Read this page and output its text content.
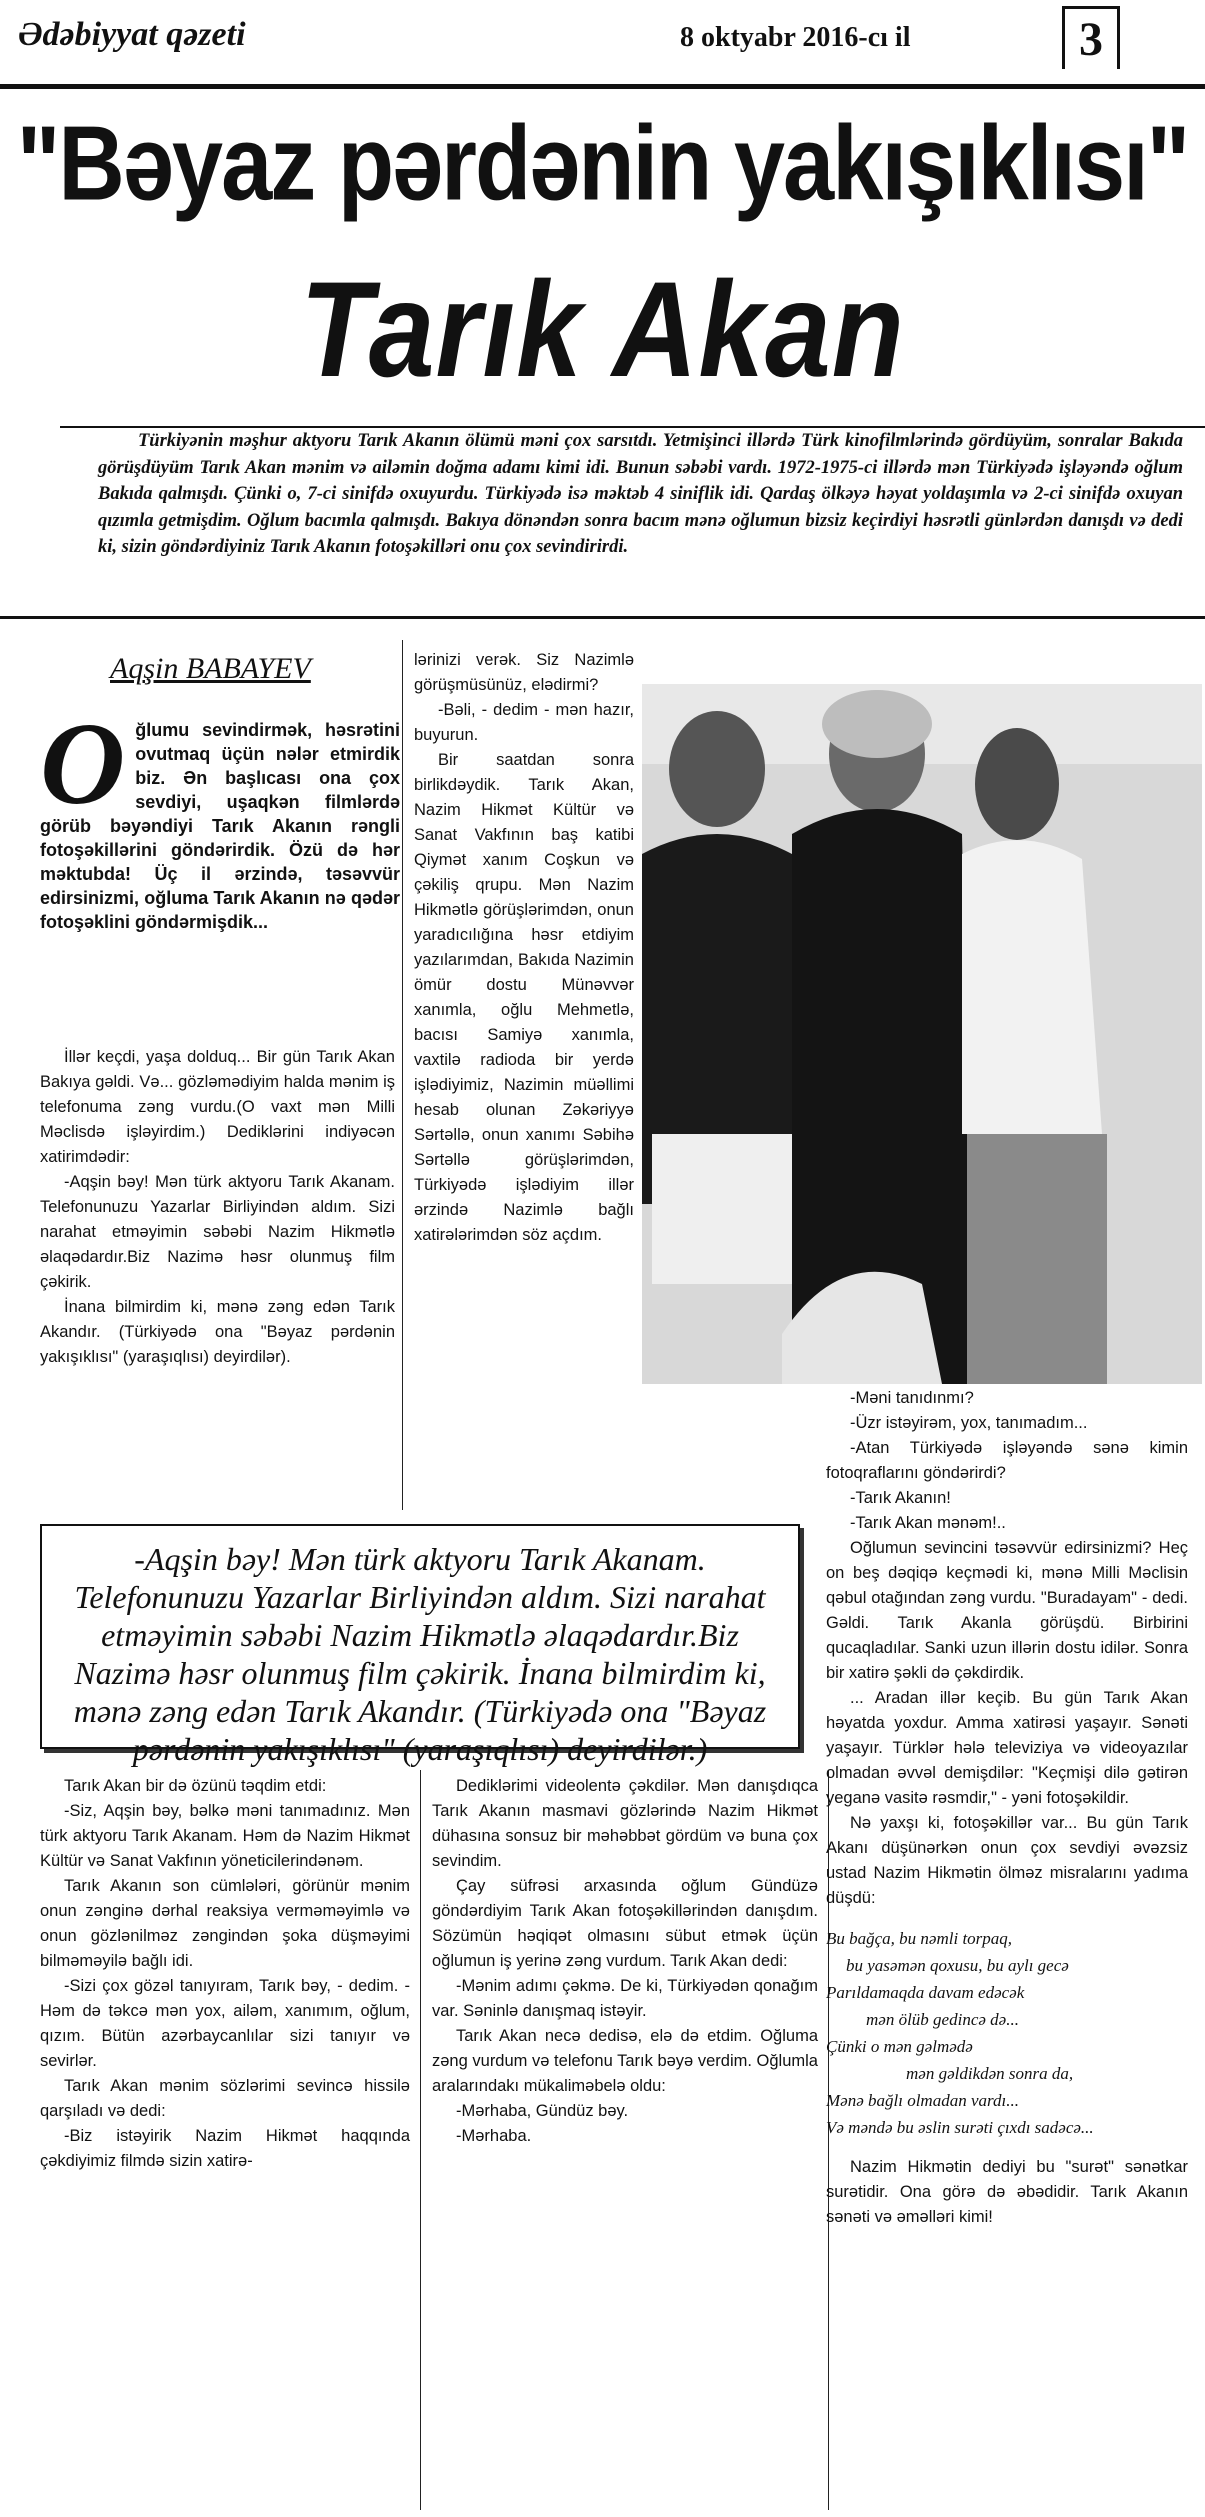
Ədəbiyyat qəzeti	8 oktyabr 2016-cı il	3
"Bəyaz pərdənin yakışıklısı"
Tarık Akan
Türkiyənin məşhur aktyoru Tarık Akanın ölümü məni çox sarsıtdı. Yetmişinci illərdə Türk kinofilmlərində gördüyüm, sonralar Bakıda görüşdüyüm Tarık Akan mənim və ailəmin doğma adamı kimi idi. Bunun səbəbi vardı. 1972-1975-ci illərdə mən Türkiyədə işləyəndə oğlum Bakıda qalmışdı. Çünki o, 7-ci sinifdə oxuyurdu. Türkiyədə isə məktəb 4 siniflik idi. Qardaş ölkəyə həyat yoldaşımla və 2-ci sinifdə oxuyan qızımla getmişdim. Oğlum bacımla qalmışdı. Bakıya dönəndən sonra bacım mənə oğlumun bizsiz keçirdiyi həsrətli günlərdən danışdı və dedi ki, sizin göndərdiyiniz Tarık Akanın fotoşəkilləri onu çox sevindirirdi.
Aqşin BABAYEV
Oğlumu sevindirmək, həsrətini ovutmaq üçün nələr etmirdik biz. Ən başlıcası ona çox sevdiyi, uşaqkən filmlərdə görüb bəyəndiyi Tarık Akanın rəngli fotoşəkillərini göndərirdik. Özü də hər məktubda! Üç il ərzində, təsəvvür edirsinizmi, oğluma Tarık Akanın nə qədər fotoşəklini göndərmişdik...

İllər keçdi, yaşa dolduq... Bir gün Tarık Akan Bakıya gəldi. Və... gözləmədiyim halda mənim iş telefonuma zəng vurdu.(O vaxt mən Milli Məclisdə işləyirdim.) Dediklərini indiyəcən xatirimdədir:

-Aqşin bəy! Mən türk aktyoru Tarık Akanam. Telefonunuzu Yazarlar Birliyindən aldım. Sizi narahat etməyimin səbəbi Nazim Hikmətlə əlaqədardır.Biz Nazimə həsr olunmuş film çəkirik.

İnana bilmirdim ki, mənə zəng edən Tarık Akandır. (Türkiyədə ona "Bəyaz pərdənin yakışıklısı" (yaraşıqlısı) deyirdilər).

lərinizi verək. Siz Nazimlə görüşmüsünüz, elədirmi?

-Bəli, - dedim - mən hazır, buyurun.

Bir saatdan sonra birlikdəydik. Tarık Akan, Nazim Hikmət Kültür və Sanat Vakfının baş katibi Qiymət xanım Coşkun və çəkiliş qrupu. Mən Nazim Hikmətlə görüşlərimdən, onun yaradıcılığına həsr etdiyim yazılarımdan, Bakıda Nazimin ömür dostu Münəvvər xanımla, oğlu Mehmetlə, bacısı Samiyə xanımla, vaxtilə radioda bir yerdə işlədiyimiz, Nazimin müəllimi hesab olunan Zəkəriyyə Sərtəllə, onun xanımı Səbihə Sərtəllə görüşlərimdən, Türkiyədə işlədiyim illər ərzində Nazimlə bağlı xatirələrimdən söz açdım.

-Məni tanıdınmı?

-Üzr istəyirəm, yox, tanımadım...

-Atan Türkiyədə işləyəndə sənə kimin fotoqraflarını göndərirdi?

-Tarık Akanın!

-Tarık Akan mənəm!..

Oğlumun sevincini təsəvvür edirsinizmi? Heç on beş dəqiqə keçmədi ki, mənə Milli Məclisin qəbul otağından zəng vurdu. "Buradayam" - dedi. Gəldi. Tarık Akanla görüşdü. Birbirini qucaqladılar. Sanki uzun illərin dostu idilər. Sonra bir xatirə şəkli də çəkdirdik.

... Aradan illər keçib. Bu gün Tarık Akan həyatda yoxdur. Amma xatirəsi yaşayır. Sənəti yaşayır. Türklər hələ televiziya və videoyazılar olmadan əvvəl demişdilər: "Keçmişi dilə gətirən yeganə vasitə rəsmdir," - yəni fotoşəkildir.

Nə yaxşı ki, fotoşəkillər var... Bu gün Tarık Akanı düşünərkən onun çox sevdiyi əvəzsiz ustad Nazim Hikmətin ölməz misralarını yadıma düşdü:

Bu bağça, bu nəmli torpaq,
bu yasəmən qoxusu, bu aylı gecə
Parıldamaqda davam edəcək
mən ölüb gedincə də...
Çünki o mən gəlmədə
mən gəldikdən sonra da,
Mənə bağlı olmadan vardı...
Və məndə bu əslin surəti çıxdı sadəcə...

Nazim Hikmətin dediyi bu "surət" sənətkar surətidir. Ona görə də əbədidir. Tarık Akanın sənəti və əməlləri kimi!

-Aqşin bəy! Mən türk aktyoru Tarık Akanam. Telefonunuzu Yazarlar Birliyindən aldım. Sizi narahat etməyimin səbəbi Nazim Hikmətlə əlaqədardır.Biz Nazimə həsr olunmuş film çəkirik. İnana bilmirdim ki, mənə zəng edən Tarık Akandır. (Türkiyədə ona "Bəyaz pərdənin yakışıklısı" (yaraşıqlısı) deyirdilər.)

Tarık Akan bir də özünü təqdim etdi:

-Siz, Aqşin bəy, bəlkə məni tanımadınız. Mən türk aktyoru Tarık Akanam. Həm də Nazim Hikmət Kültür və Sanat Vakfının yöneticilerindənəm.

Tarık Akanın son cümlələri, görünür mənim onun zənginə dərhal reaksiya verməməyimlə və onun gözlənilməz zəngindən şoka düşməyimi bilməməyilə bağlı idi.

-Sizi çox gözəl tanıyıram, Tarık bəy, - dedim. - Həm də təkcə mən yox, ailəm, xanımım, oğlum, qızım. Bütün azərbaycanlılar sizi tanıyır və sevirlər.

Tarık Akan mənim sözlərimi sevincə hissilə qarşıladı və dedi:

-Biz istəyirik Nazim Hikmət haqqında çəkdiyimiz filmdə sizin xatirə-

Dediklərimi videolentə çəkdilər. Mən danışdıqca Tarık Akanın masmavi gözlərində Nazim Hikmət dühasına sonsuz bir məhəbbət gördüm və buna çox sevindim.

Çay süfrəsi arxasında oğlum Gündüzə göndərdiyim Tarık Akan fotoşəkillərindən danışdım. Sözümün həqiqət olmasını sübut etmək üçün oğlumun iş yerinə zəng vurdum. Tarık Akan dedi:

-Mənim adımı çəkmə. De ki, Türkiyədən qonağım var. Səninlə danışmaq istəyir.

Tarık Akan necə dedisə, elə də etdim. Oğluma zəng vurdum və telefonu Tarık bəyə verdim. Oğlumla aralarındakı mükaliməbelə oldu:

-Mərhaba, Gündüz bəy.

-Mərhaba.
